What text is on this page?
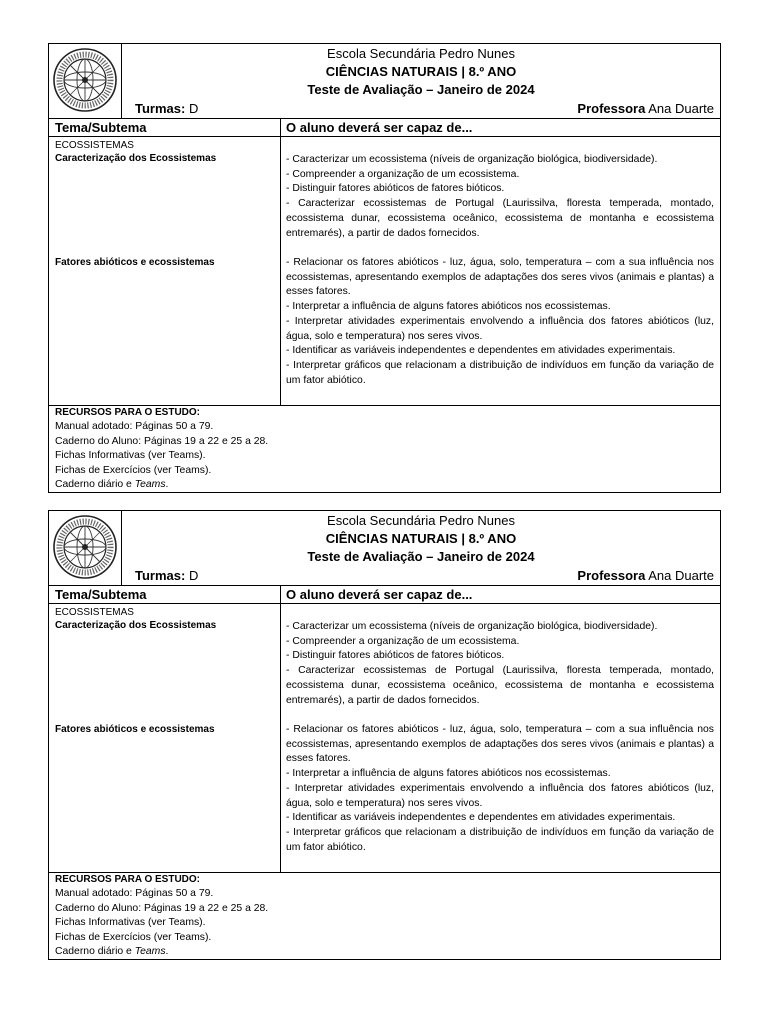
Escola Secundária Pedro Nunes
CIÊNCIAS NATURAIS | 8.º ANO
Teste de Avaliação – Janeiro de 2024
Turmas: D	Professora Ana Duarte
Tema/Subtema	O aluno deverá ser capaz de...
ECOSSISTEMAS
Caracterização dos Ecossistemas	- Caracterizar um ecossistema (níveis de organização biológica, biodiversidade).

- Compreender a organização de um ecossistema.

- Distinguir fatores abióticos de fatores bióticos.

- Caracterizar ecossistemas de Portugal (Laurissilva, floresta temperada, montado, ecossistema dunar, ecossistema oceânico, ecossistema de montanha e ecossistema entremarés), a partir de dados fornecidos.

Fatores abióticos e ecossistemas	- Relacionar os fatores abióticos - luz, água, solo, temperatura – com a sua influência nos ecossistemas, apresentando exemplos de adaptações dos seres vivos (animais e plantas) a esses fatores.

- Interpretar a influência de alguns fatores abióticos nos ecossistemas.

- Interpretar atividades experimentais envolvendo a influência dos fatores abióticos (luz, água, solo e temperatura) nos seres vivos.

- Identificar as variáveis independentes e dependentes em atividades experimentais.

- Interpretar gráficos que relacionam a distribuição de indivíduos em função da variação de um fator abiótico.

RECURSOS PARA O ESTUDO:
Manual adotado: Páginas 50 a 79.
Caderno do Aluno: Páginas 19 a 22 e 25 a 28.
Fichas Informativas (ver Teams).
Fichas de Exercícios (ver Teams).
Caderno diário e Teams.
Escola Secundária Pedro Nunes
CIÊNCIAS NATURAIS | 8.º ANO
Teste de Avaliação – Janeiro de 2024
Turmas: D	Professora Ana Duarte
Tema/Subtema	O aluno deverá ser capaz de...
ECOSSISTEMAS
Caracterização dos Ecossistemas	- Caracterizar um ecossistema (níveis de organização biológica, biodiversidade).

- Compreender a organização de um ecossistema.

- Distinguir fatores abióticos de fatores bióticos.

- Caracterizar ecossistemas de Portugal (Laurissilva, floresta temperada, montado, ecossistema dunar, ecossistema oceânico, ecossistema de montanha e ecossistema entremarés), a partir de dados fornecidos.

Fatores abióticos e ecossistemas	- Relacionar os fatores abióticos - luz, água, solo, temperatura – com a sua influência nos ecossistemas, apresentando exemplos de adaptações dos seres vivos (animais e plantas) a esses fatores.

- Interpretar a influência de alguns fatores abióticos nos ecossistemas.

- Interpretar atividades experimentais envolvendo a influência dos fatores abióticos (luz, água, solo e temperatura) nos seres vivos.

- Identificar as variáveis independentes e dependentes em atividades experimentais.

- Interpretar gráficos que relacionam a distribuição de indivíduos em função da variação de um fator abiótico.

RECURSOS PARA O ESTUDO:
Manual adotado: Páginas 50 a 79.
Caderno do Aluno: Páginas 19 a 22 e 25 a 28.
Fichas Informativas (ver Teams).
Fichas de Exercícios (ver Teams).
Caderno diário e Teams.
